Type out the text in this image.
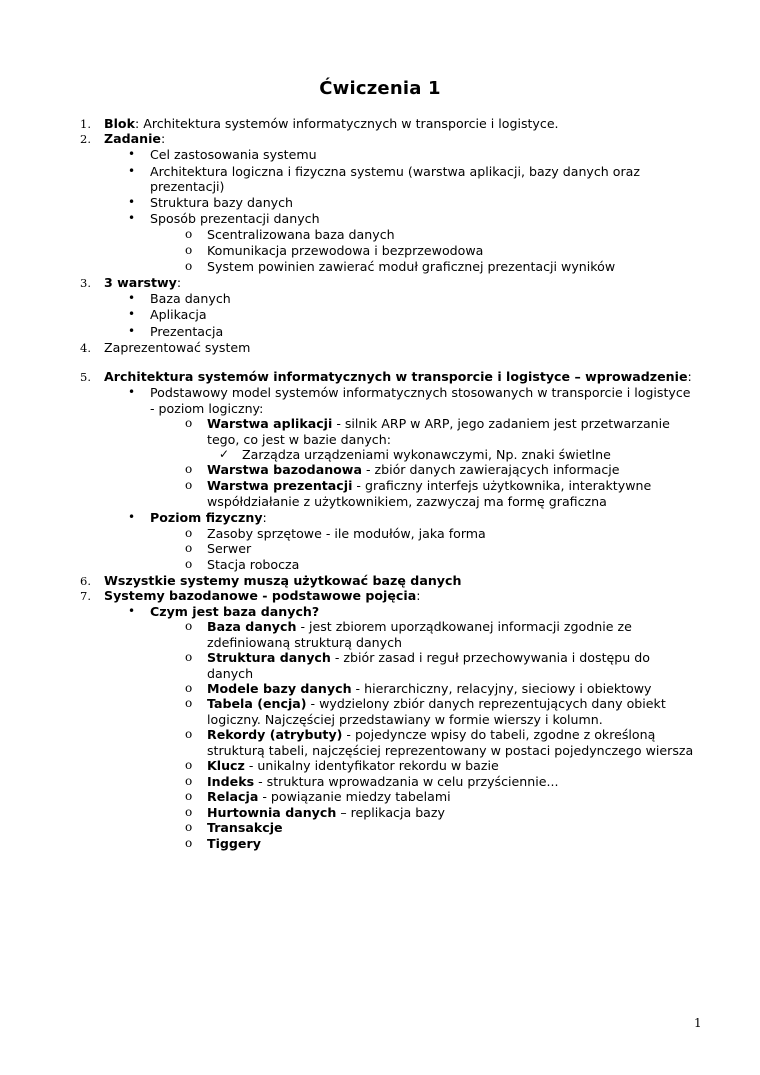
Ćwiczenia 1
1. Blok: Architektura systemów informatycznych w transporcie i logistyce.
2. Zadanie:
• Cel zastosowania systemu
• Architektura logiczna i fizyczna systemu (warstwa aplikacji, bazy danych oraz
prezentacji)
• Struktura bazy danych
• Sposób prezentacji danych
o Scentralizowana baza danych
o Komunikacja przewodowa i bezprzewodowa
o System powinien zawierać moduł graficznej prezentacji wyników
3. 3 warstwy:
• Baza danych
• Aplikacja
• Prezentacja
4. Zaprezentować system
5. Architektura systemów informatycznych w transporcie i logistyce – wprowadzenie:
• Podstawowy model systemów informatycznych stosowanych w transporcie i logistyce
- poziom logiczny:
o Warstwa aplikacji - silnik ARP w ARP, jego zadaniem jest przetwarzanie
tego, co jest w bazie danych:
✓ Zarządza urządzeniami wykonawczymi, Np. znaki świetlne
o Warstwa bazodanowa - zbiór danych zawierających informacje
o Warstwa prezentacji - graficzny interfejs użytkownika, interaktywne
współdziałanie z użytkownikiem, zazwyczaj ma formę graficzna
• Poziom fizyczny:
o Zasoby sprzętowe - ile modułów, jaka forma
o Serwer
o Stacja robocza
6. Wszystkie systemy muszą użytkować bazę danych
7. Systemy bazodanowe - podstawowe pojęcia:
• Czym jest baza danych?
o Baza danych - jest zbiorem uporządkowanej informacji zgodnie ze
zdefiniowaną strukturą danych
o Struktura danych - zbiór zasad i reguł przechowywania i dostępu do
danych
o Modele bazy danych - hierarchiczny, relacyjny, sieciowy i obiektowy
o Tabela (encja) - wydzielony zbiór danych reprezentujących dany obiekt
logiczny. Najczęściej przedstawiany w formie wierszy i kolumn.
o Rekordy (atrybuty) - pojedyncze wpisy do tabeli, zgodne z określoną
strukturą tabeli, najczęściej reprezentowany w postaci pojedynczego wiersza
o Klucz - unikalny identyfikator rekordu w bazie
o Indeks - struktura wprowadzania w celu przyściennie...
o Relacja - powiązanie miedzy tabelami
o Hurtownia danych – replikacja bazy
o Transakcje
o Tiggery
1
